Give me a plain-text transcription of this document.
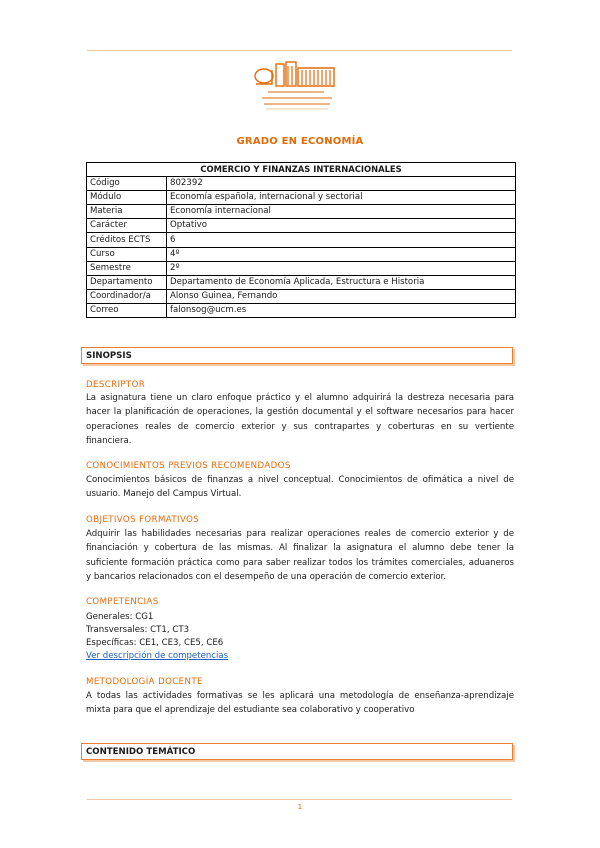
GRADO EN ECONOMÍA
COMERCIO Y FINANZAS INTERNACIONALES	
Código	802392
Módulo	Economía española, internacional y sectorial
Materia	Economía internacional
Carácter	Optativo
Créditos ECTS	6
Curso	4º
Semestre	2º
Departamento	Departamento de Economía Aplicada, Estructura e Historia
Coordinador/a	Alonso Guinea, Fernando
Correo	falonsog@ucm.es
SINOPSIS
DESCRIPTOR

La asignatura tiene un claro enfoque práctico y el alumno adquirirá la destreza necesaria para hacer la planificación de operaciones, la gestión documental y el software necesarios para hacer operaciones reales de comercio exterior y sus contrapartes y coberturas en su vertiente financiera.

CONOCIMIENTOS PREVIOS RECOMENDADOS

Conocimientos básicos de finanzas a nivel conceptual. Conocimientos de ofimática a nivel de usuario. Manejo del Campus Virtual.

OBJETIVOS FORMATIVOS

Adquirir las habilidades necesarias para realizar operaciones reales de comercio exterior y de financiación y cobertura de las mismas. Al finalizar la asignatura el alumno debe tener la suficiente formación práctica como para saber realizar todos los trámites comerciales, aduaneros y bancarios relacionados con el desempeño de una operación de comercio exterior.

COMPETENCIAS
Generales: CG1
Transversales: CT1, CT3
Específicas: CE1, CE3, CE5, CE6
Ver descripción de competencias
METODOLOGÍA DOCENTE

A todas las actividades formativas se les aplicará una metodología de enseñanza-aprendizaje mixta para que el aprendizaje del estudiante sea colaborativo y cooperativo

CONTENIDO TEMÁTICO
1
